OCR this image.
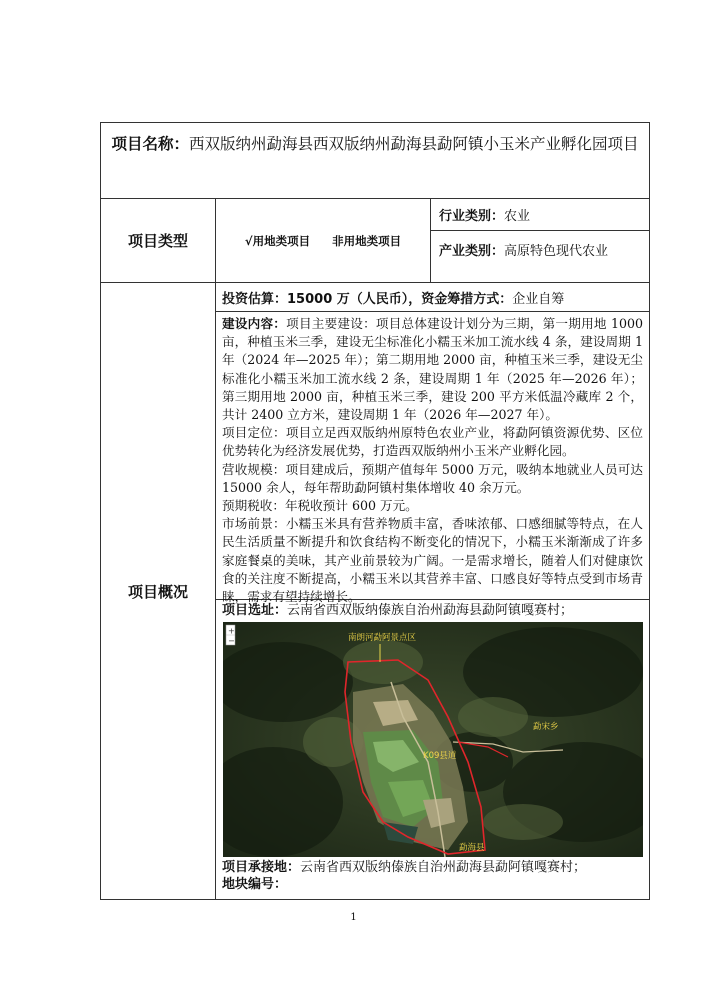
项目名称：西双版纳州勐海县西双版纳州勐海县勐阿镇小玉米产业孵化园项目
项目类型	√用地类项目 非用地类项目
行业类别：农业
产业类别：高原特色现代农业
项目概况
投资估算：15000 万（人民币），资金筹措方式：企业自筹

建设内容：项目主要建设：项目总体建设计划分为三期，第一期用地 1000 亩，种植玉米三季，建设无尘标准化小糯玉米加工流水线 4 条，建设周期 1 年（2024 年—2025 年）；第二期用地 2000 亩，种植玉米三季，建设无尘标准化小糯玉米加工流水线 2 条，建设周期 1 年（2025 年—2026 年）；第三期用地 2000 亩，种植玉米三季，建设 200 平方米低温冷藏库 2 个，共计 2400 立方米，建设周期 1 年（2026 年—2027 年）。

项目定位：项目立足西双版纳州原特色农业产业，将勐阿镇资源优势、区位优势转化为经济发展优势，打造西双版纳州小玉米产业孵化园。

营收规模：项目建成后，预期产值每年 5000 万元，吸纳本地就业人员可达 15000 余人，每年帮助勐阿镇村集体增收 40 余万元。

预期税收：年税收预计 600 万元。

市场前景：小糯玉米具有营养物质丰富，香味浓郁、口感细腻等特点，在人民生活质量不断提升和饮食结构不断变化的情况下，小糯玉米渐渐成了许多家庭餐桌的美味，其产业前景较为广阔。一是需求增长，随着人们对健康饮食的关注度不断提高，小糯玉米以其营养丰富、口感良好等特点受到市场青睐，需求有望持续增长。

项目选址：云南省西双版纳傣族自治州勐海县勐阿镇嘎赛村；

南朗河勐阿景点区
K09县道
勐宋乡
勐海县
+
−
项目承接地：云南省西双版纳傣族自治州勐海县勐阿镇嘎赛村；
地块编号：
1
